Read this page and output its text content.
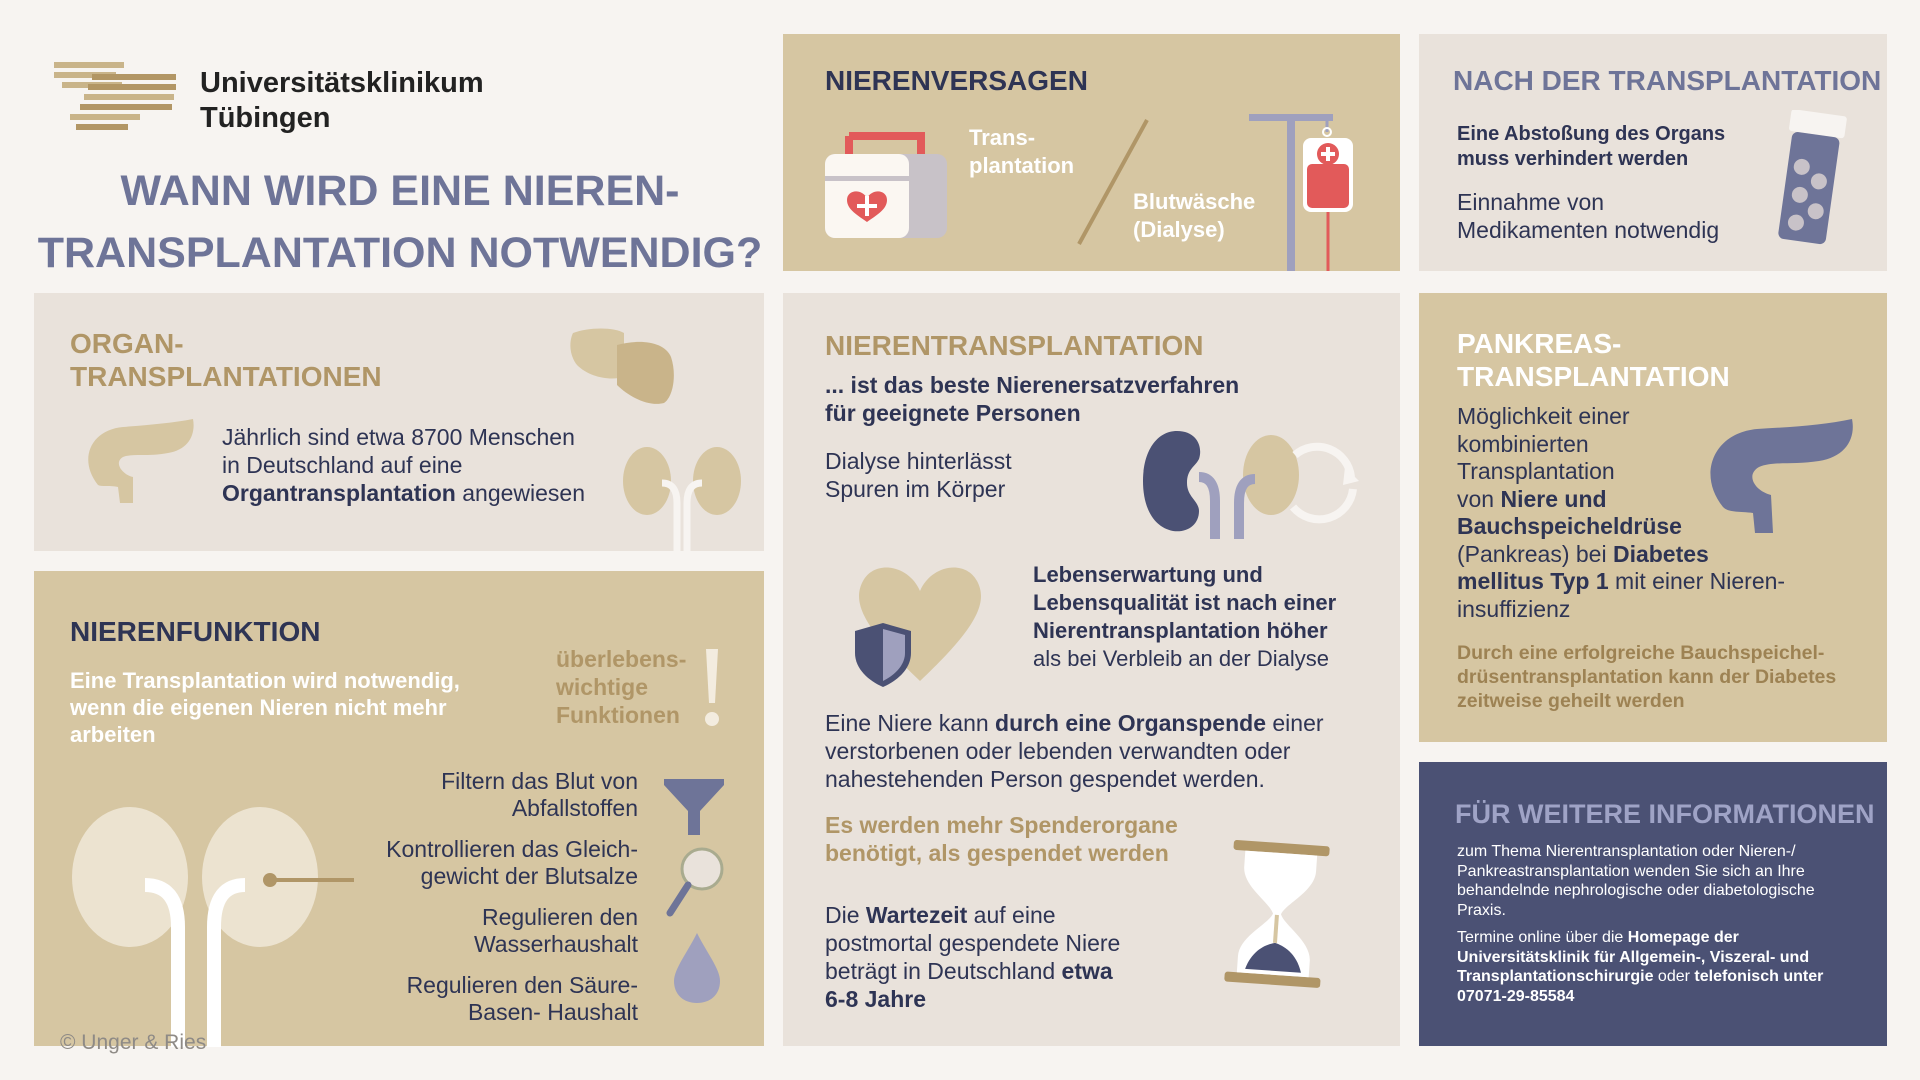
Universitätsklinikum
Tübingen
WANN WIRD EINE NIEREN-
TRANSPLANTATION NOTWENDIG?
ORGAN-
TRANSPLANTATIONEN
Jährlich sind etwa 8700 Menschen
in Deutschland auf eine
Organtransplantation angewiesen
NIERENFUNKTION
Eine Transplantation wird notwendig,
wenn die eigenen Nieren nicht mehr
arbeiten
überlebens-
wichtige
Funktionen
Filtern das Blut von
Abfallstoffen
Kontrollieren das Gleich-
gewicht der Blutsalze
Regulieren den
Wasserhaushalt
Regulieren den Säure-
Basen- Haushalt
© Unger & Ries
NIERENVERSAGEN
Trans-
plantation
Blutwäsche
(Dialyse)
NIERENTRANSPLANTATION
... ist das beste Nierenersatzverfahren
für geeignete Personen
Dialyse hinterlässt
Spuren im Körper
Lebenserwartung und
Lebensqualität ist nach einer
Nierentransplantation höher
als bei Verbleib an der Dialyse
Eine Niere kann durch eine Organspende einer
verstorbenen oder lebenden verwandten oder
nahestehenden Person gespendet werden.
Es werden mehr Spenderorgane
benötigt, als gespendet werden
Die Wartezeit auf eine
postmortal gespendete Niere
beträgt in Deutschland etwa
6-8 Jahre
NACH DER TRANSPLANTATION
Eine Abstoßung des Organs
muss verhindert werden
Einnahme von
Medikamenten notwendig
PANKREAS-
TRANSPLANTATION
Möglichkeit einer
kombinierten
Transplantation
von Niere und
Bauchspeicheldrüse
(Pankreas) bei Diabetes
mellitus Typ 1 mit einer Nieren-
insuffizienz
Durch eine erfolgreiche Bauchspeichel-
drüsentransplantation kann der Diabetes
zeitweise geheilt werden
FÜR WEITERE INFORMATIONEN
zum Thema Nierentransplantation oder Nieren-/
Pankreastransplantation wenden Sie sich an Ihre
behandelnde nephrologische oder diabetologische
Praxis.
Termine online über die Homepage der
Universitätsklinik für Allgemein-, Viszeral- und
Transplantationschirurgie oder telefonisch unter
07071-29-85584
